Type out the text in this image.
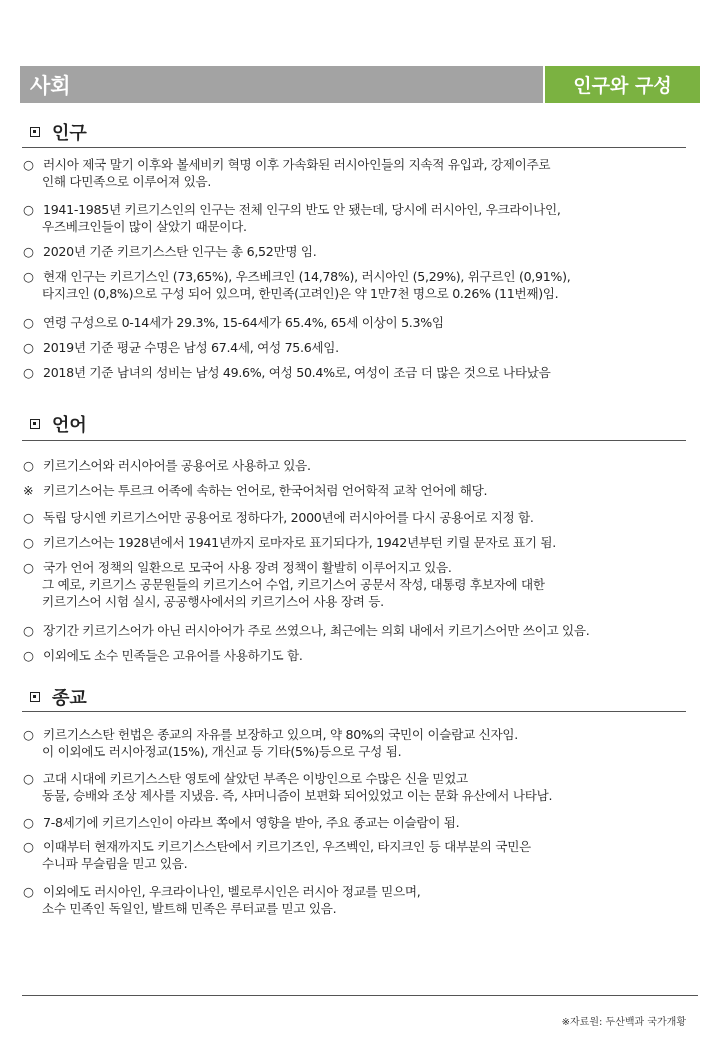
사회	인구와 구성
인구
○ 러시아 제국 말기 이후와 볼세비키 혁명 이후 가속화된 러시아인들의 지속적 유입과, 강제이주로
인해 다민족으로 이루어져 있음.
○ 1941-1985년 키르기스인의 인구는 전체 인구의 반도 안 됐는데, 당시에 러시아인, 우크라이나인,
우즈베크인들이 많이 살았기 때문이다.
○ 2020년 기준 키르기스스탄 인구는 총 6,52만명 임.
○ 현재 인구는 키르기스인 (73,65%), 우즈베크인 (14,78%), 러시아인 (5,29%), 위구르인 (0,91%),
타지크인 (0,8%)으로 구성 되어 있으며, 한민족(고려인)은 약 1만7천 명으로 0.26% (11번째)임.
○ 연령 구성으로 0-14세가 29.3%, 15-64세가 65.4%, 65세 이상이 5.3%임
○ 2019년 기준 평균 수명은 남성 67.4세, 여성 75.6세임.
○ 2018년 기준 남녀의 성비는 남성 49.6%, 여성 50.4%로, 여성이 조금 더 많은 것으로 나타났음
언어
○ 키르기스어와 러시아어를 공용어로 사용하고 있음.
※ 키르기스어는 투르크 어족에 속하는 언어로, 한국어처럼 언어학적 교착 언어에 해당.
○ 독립 당시엔 키르기스어만 공용어로 정하다가, 2000년에 러시아어를 다시 공용어로 지정 함.
○ 키르기스어는 1928년에서 1941년까지 로마자로 표기되다가, 1942년부턴 키릴 문자로 표기 됨.
○ 국가 언어 정책의 일환으로 모국어 사용 장려 정책이 활발히 이루어지고 있음.
그 예로, 키르기스 공문원들의 키르기스어 수업, 키르기스어 공문서 작성, 대통령 후보자에 대한
키르기스어 시험 실시, 공공행사에서의 키르기스어 사용 장려 등.
○ 장기간 키르기스어가 아닌 러시아어가 주로 쓰였으나, 최근에는 의회 내에서 키르기스어만 쓰이고 있음.
○ 이외에도 소수 민족들은 고유어를 사용하기도 함.
종교
○ 키르기스스탄 헌법은 종교의 자유를 보장하고 있으며, 약 80%의 국민이 이슬람교 신자임.
이 이외에도 러시아정교(15%), 개신교 등 기타(5%)등으로 구성 됨.
○ 고대 시대에 키르기스스탄 영토에 살았던 부족은 이방인으로 수많은 신을 믿었고
동물, 승배와 조상 제사를 지냈음. 즉, 샤머니즘이 보편화 되어있었고 이는 문화 유산에서 나타남.
○ 7-8세기에 키르기스인이 아라브 쪽에서 영향을 받아, 주요 종교는 이슬람이 됨.
○ 이때부터 현재까지도 키르기스스탄에서 키르기즈인, 우즈벡인, 타지크인 등 대부분의 국민은
수니파 무슬림을 믿고 있음.
○ 이외에도 러시아인, 우크라이나인, 벨로루시인은 러시아 정교를 믿으며,
소수 민족인 독일인, 발트해 민족은 루터교를 믿고 있음.
※자료원: 두산백과 국가개황
